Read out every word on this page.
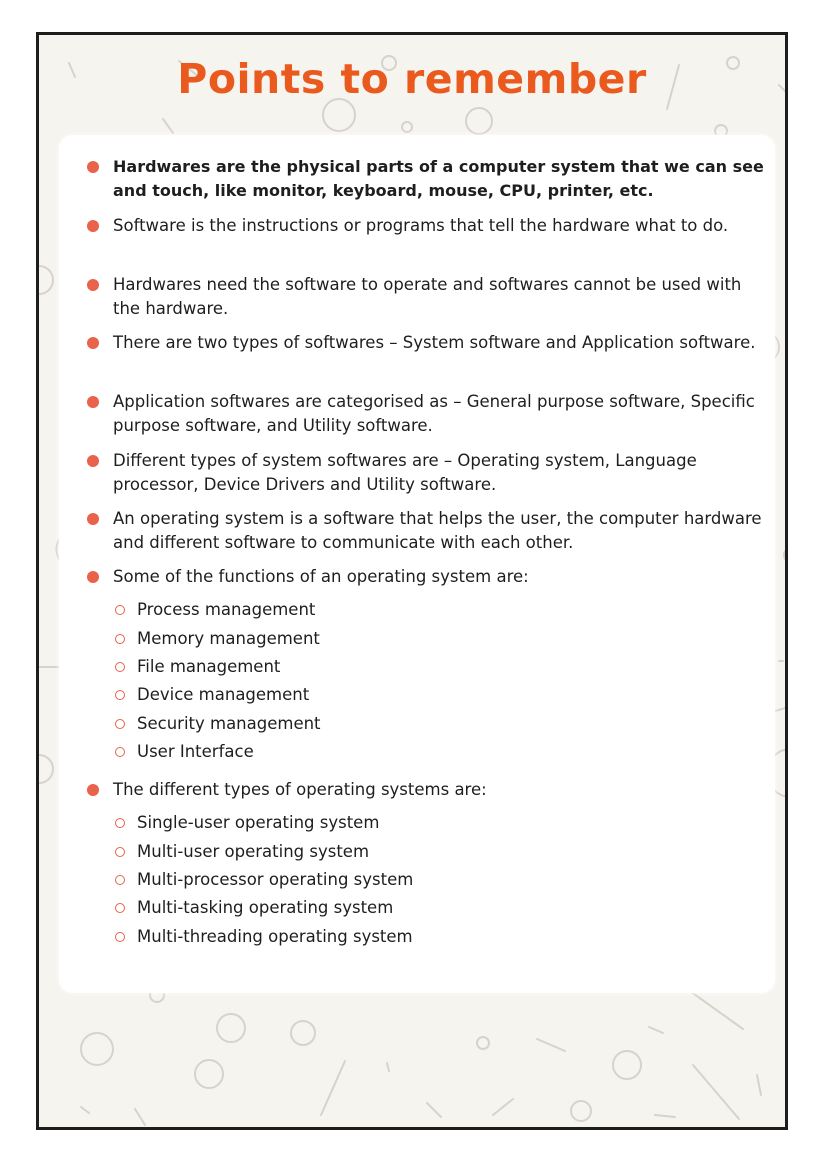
Points to remember
Hardwares are the physical parts of a computer system that we can see and touch, like monitor, keyboard, mouse, CPU, printer, etc.
Software is the instructions or programs that tell the hardware what to do.
Hardwares need the software to operate and softwares cannot be used with the hardware.
There are two types of softwares – System software and Application software.
Application softwares are categorised as – General purpose software, Specific purpose software, and Utility software.
Different types of system softwares are – Operating system, Language processor, Device Drivers and Utility software.
An operating system is a software that helps the user, the computer hardware and different software to communicate with each other.
Some of the functions of an operating system are:
Process management
Memory management
File management
Device management
Security management
User Interface
The different types of operating systems are:
Single-user operating system
Multi-user operating system
Multi-processor operating system
Multi-tasking operating system
Multi-threading operating system
